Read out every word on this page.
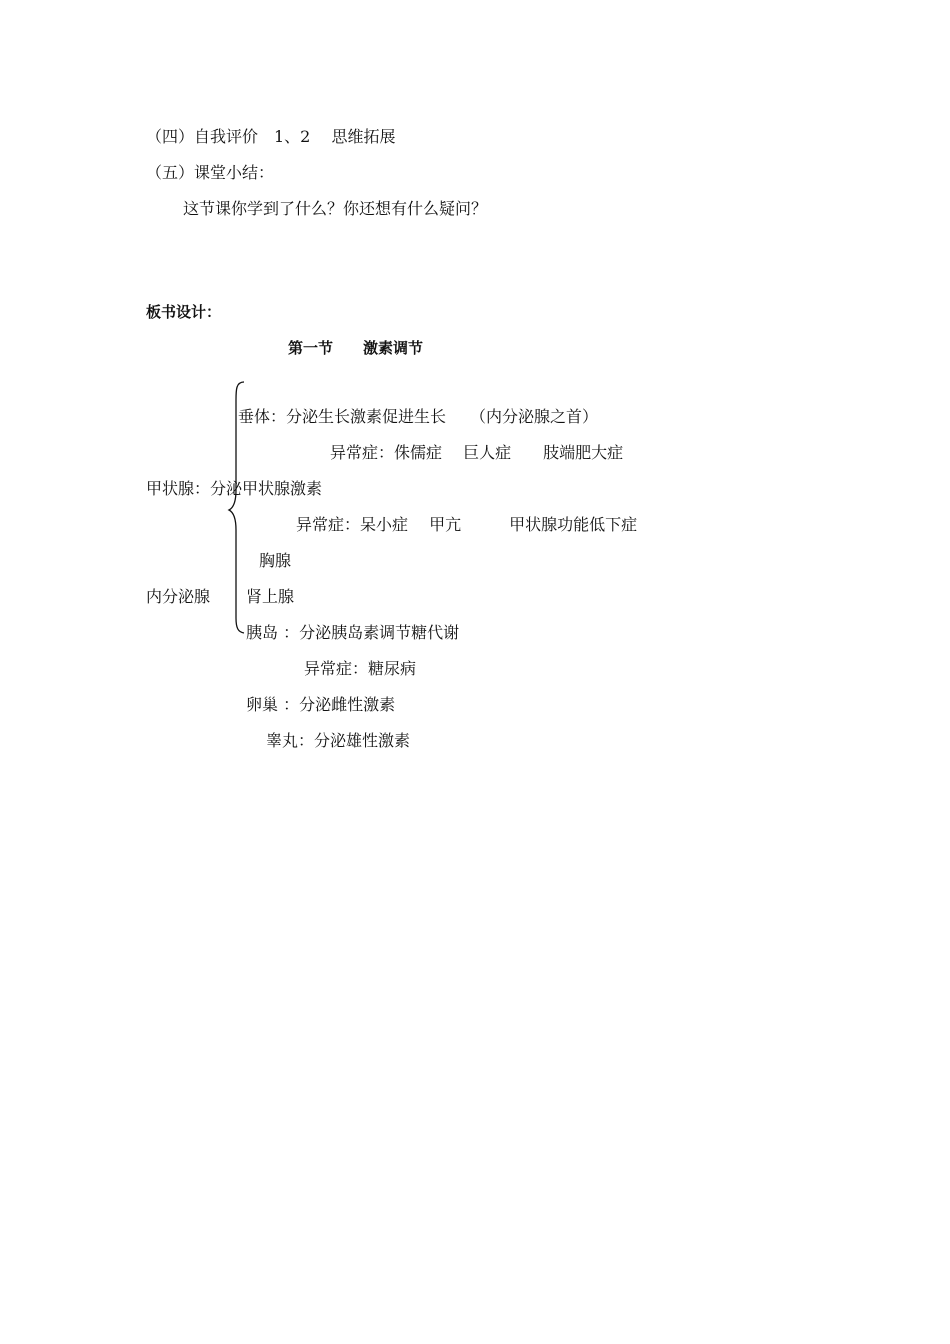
（四）自我评价　1、2　 思维拓展
（五）课堂小结：
这节课你学到了什么？你还想有什么疑问？
板书设计：
第一节　　激素调节
垂体：分泌生长激素促进生长　　（内分泌腺之首）
异常症：侏儒症　 巨人症　　肢端肥大症
甲状腺：分泌甲状腺激素
异常症：呆小症　 甲亢　　　甲状腺功能低下症
胸腺
内分泌腺 肾上腺
胰岛 ：分泌胰岛素调节糖代谢
异常症：糖尿病
卵巢 ：分泌雌性激素
睾丸：分泌雄性激素
